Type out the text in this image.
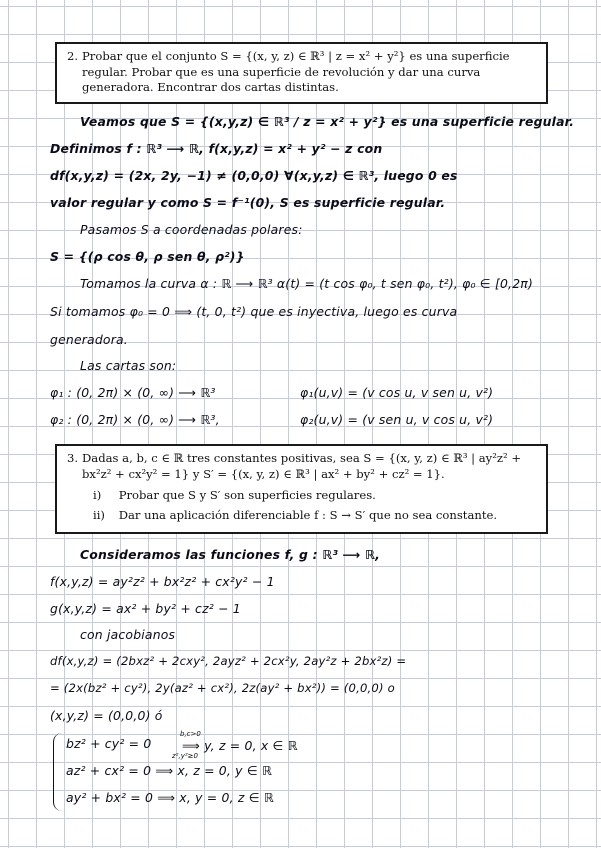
2. Probar que el conjunto S = {(x, y, z) ∈ ℝ³ | z = x² + y²} es una superficie regular. Probar que es una superficie de revolución y dar una curva generadora. Encontrar dos cartas distintas.
Veamos que S = {(x,y,z) ∈ ℝ³ / z = x² + y²} es una superficie regular.
Definimos f : ℝ³ ⟶ ℝ, f(x,y,z) = x² + y² − z con
df(x,y,z) = (2x, 2y, −1) ≠ (0,0,0) ∀(x,y,z) ∈ ℝ³, luego 0 es
valor regular y como S = f⁻¹(0), S es superficie regular.
Pasamos S a coordenadas polares:
S = {(ρ cos θ, ρ sen θ, ρ²)}
Tomamos la curva α : ℝ ⟶ ℝ³ α(t) = (t cos φ₀, t sen φ₀, t²), φ₀ ∈ [0,2π)
Si tomamos φ₀ = 0 ⟹ (t, 0, t²) que es inyectiva, luego es curva
generadora.
Las cartas son:
φ₁ : (0, 2π) × (0, ∞) ⟶ ℝ³	φ₁(u,v) = (v cos u, v sen u, v²)
φ₂ : (0, 2π) × (0, ∞) ⟶ ℝ³,	φ₂(u,v) = (v sen u, v cos u, v²)
3. Dadas a, b, c ∈ ℝ tres constantes positivas, sea S = {(x, y, z) ∈ ℝ³ | ay²z² + bx²z² + cx²y² = 1} y S′ = {(x, y, z) ∈ ℝ³ | ax² + by² + cz² = 1}.
i) Probar que S y S′ son superficies regulares.
ii) Dar una aplicación diferenciable f : S → S′ que no sea constante.
Consideramos las funciones f, g : ℝ³ ⟶ ℝ,
f(x,y,z) = ay²z² + bx²z² + cx²y² − 1
g(x,y,z) = ax² + by² + cz² − 1
con jacobianos
df(x,y,z) = (2bxz² + 2cxy², 2ayz² + 2cx²y, 2ay²z + 2bx²z) =
= (2x(bz² + cy²), 2y(az² + cx²), 2z(ay² + bx²)) = (0,0,0) o
(x,y,z) = (0,0,0) ó
bz² + cy² = 0
b,c>0
z²,y²≥0
⟹ y, z = 0, x ∈ ℝ
az² + cx² = 0 ⟹ x, z = 0, y ∈ ℝ
ay² + bx² = 0 ⟹ x, y = 0, z ∈ ℝ
